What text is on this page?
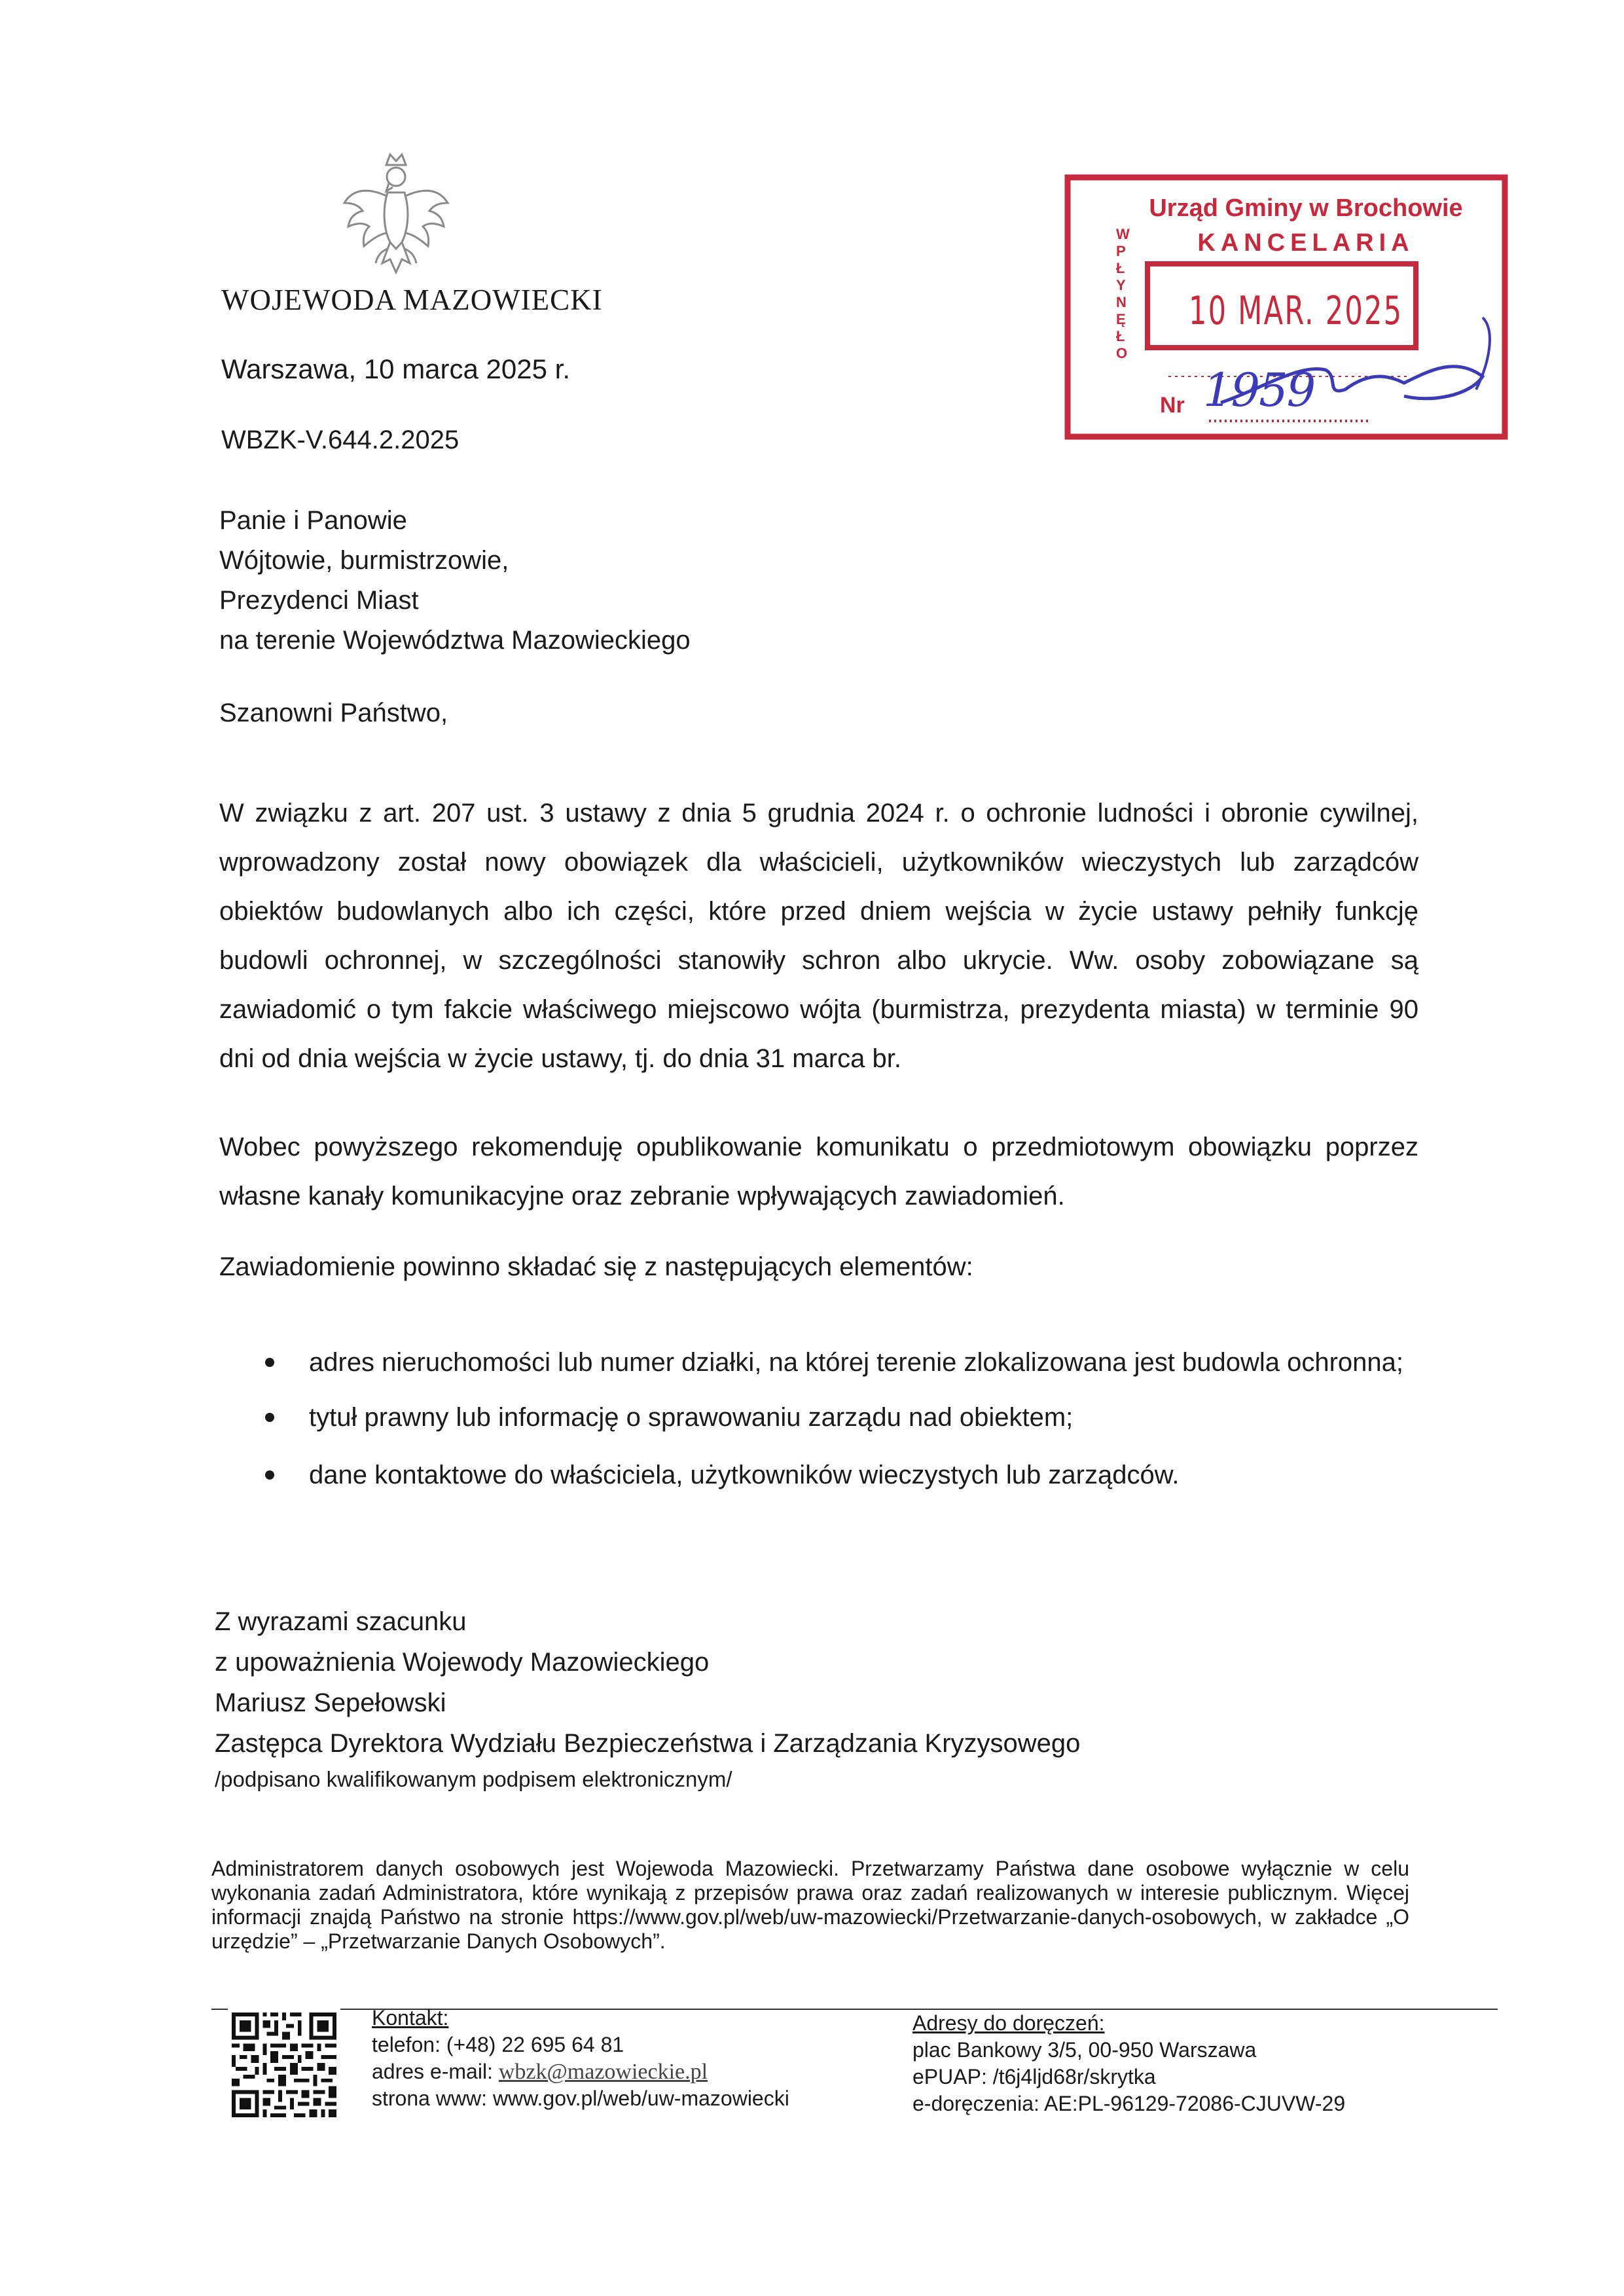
WOJEWODA MAZOWIECKI
Warszawa, 10 marca 2025 r.
WBZK-V.644.2.2025
W P Ł Y N Ę Ł O
Urząd Gminy w Brochowie
KANCELARIA
10 MAR. 2025
Nr 1959
Panie i Panowie
Wójtowie, burmistrzowie,
Prezydenci Miast
na terenie Województwa Mazowieckiego
Szanowni Państwo,
W związku z art. 207 ust. 3 ustawy z dnia 5 grudnia 2024 r. o ochronie ludności i obronie cywilnej, wprowadzony został nowy obowiązek dla właścicieli, użytkowników wieczystych lub zarządców obiektów budowlanych albo ich części, które przed dniem wejścia w życie ustawy pełniły funkcję budowli ochronnej, w szczególności stanowiły schron albo ukrycie. Ww. osoby zobowiązane są zawiadomić o tym fakcie właściwego miejscowo wójta (burmistrza, prezydenta miasta) w terminie 90 dni od dnia wejścia w życie ustawy, tj. do dnia 31 marca br.
Wobec powyższego rekomenduję opublikowanie komunikatu o przedmiotowym obowiązku poprzez własne kanały komunikacyjne oraz zebranie wpływających zawiadomień.
Zawiadomienie powinno składać się z następujących elementów:
adres nieruchomości lub numer działki, na której terenie zlokalizowana jest budowla ochronna;
tytuł prawny lub informację o sprawowaniu zarządu nad obiektem;
dane kontaktowe do właściciela, użytkowników wieczystych lub zarządców.
Z wyrazami szacunku
z upoważnienia Wojewody Mazowieckiego
Mariusz Sepełowski
Zastępca Dyrektora Wydziału Bezpieczeństwa i Zarządzania Kryzysowego
/podpisano kwalifikowanym podpisem elektronicznym/
Administratorem danych osobowych jest Wojewoda Mazowiecki. Przetwarzamy Państwa dane osobowe wyłącznie w celu wykonania zadań Administratora, które wynikają z przepisów prawa oraz zadań realizowanych w interesie publicznym. Więcej informacji znajdą Państwo na stronie https://www.gov.pl/web/uw-mazowiecki/Przetwarzanie-danych-osobowych, w zakładce „O urzędzie” – „Przetwarzanie Danych Osobowych”.
Kontakt:
telefon: (+48) 22 695 64 81
adres e-mail: wbzk@mazowieckie.pl
strona www: www.gov.pl/web/uw-mazowiecki
Adresy do doręczeń:
plac Bankowy 3/5, 00-950 Warszawa
ePUAP: /t6j4ljd68r/skrytka
e-doręczenia: AE:PL-96129-72086-CJUVW-29
